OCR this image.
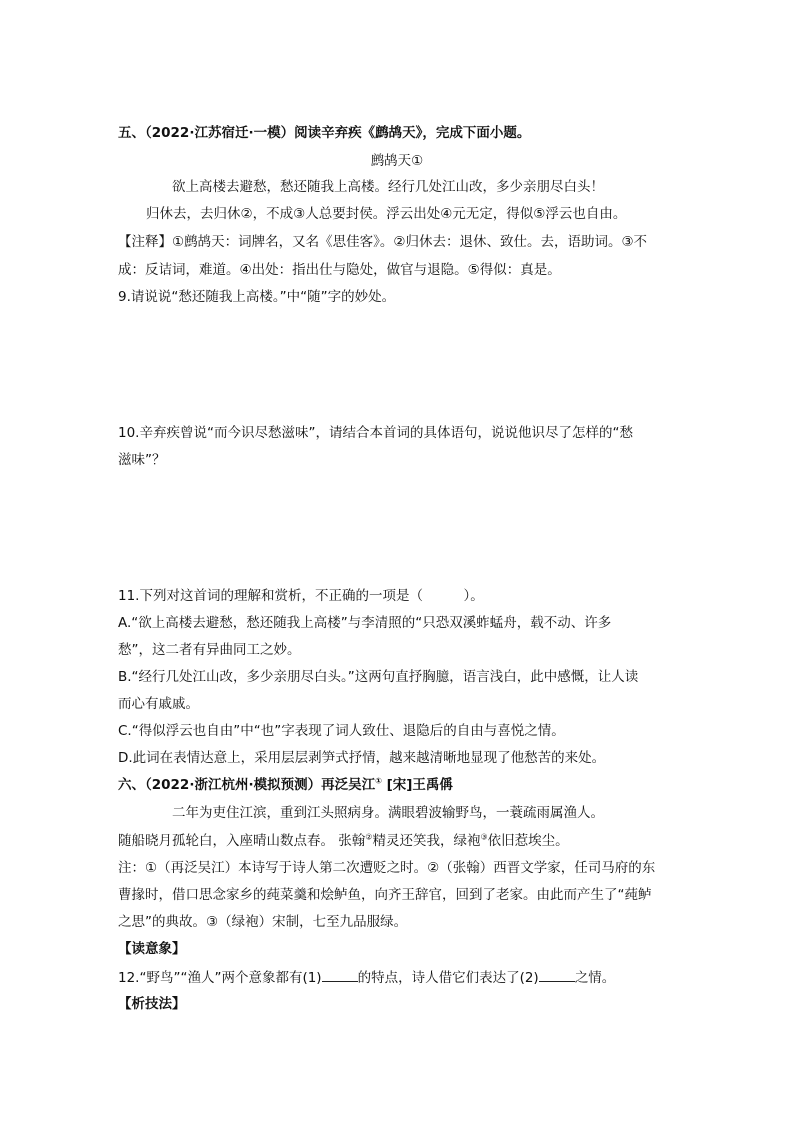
五、（2022·江苏宿迁·一模）阅读辛弃疾《鹧鸪天》，完成下面小题。
鹧鸪天①
欲上高楼去避愁，愁还随我上高楼。经行几处江山改，多少亲朋尽白头！
归休去，去归休②，不成③人总要封侯。浮云出处④元无定，得似⑤浮云也自由。
【注释】①鹧鸪天：词牌名，又名《思佳客》。②归休去：退休、致仕。去，语助词。③不
成：反诘词，难道。④出处：指出仕与隐处，做官与退隐。⑤得似：真是。
9.请说说“愁还随我上高楼。”中“随”字的妙处。
10.辛弃疾曾说“而今识尽愁滋味”，请结合本首词的具体语句，说说他识尽了怎样的“愁
滋味”？
11.下列对这首词的理解和赏析，不正确的一项是（　　　）。
A.“欲上高楼去避愁，愁还随我上高楼”与李清照的“只恐双溪蚱蜢舟，载不动、许多
愁”，这二者有异曲同工之妙。
B.“经行几处江山改，多少亲朋尽白头。”这两句直抒胸臆，语言浅白，此中感慨，让人读
而心有戚戚。
C.“得似浮云也自由”中“也”字表现了词人致仕、退隐后的自由与喜悦之情。
D.此词在表情达意上，采用层层剥笋式抒情，越来越清晰地显现了他愁苦的来处。
六、（2022·浙江杭州·模拟预测）再泛吴江① [宋]王禹偁
二年为吏住江滨，重到江头照病身。满眼碧波输野鸟，一蓑疏雨属渔人。
随船晓月孤轮白，入座晴山数点春。 张翰②精灵还笑我，绿袍③依旧惹埃尘。
注：①（再泛吴江）本诗写于诗人第二次遭贬之时。②（张翰）西晋文学家，任司马府的东
曹掾时，借口思念家乡的莼菜羹和烩鲈鱼，向齐王辞官，回到了老家。由此而产生了“莼鲈
之思”的典故。③（绿袍）宋制，七至九品服绿。
【读意象】
12.“野鸟”“渔人”两个意象都有(1)	的特点，诗人借它们表达了(2)	之情。
【析技法】
